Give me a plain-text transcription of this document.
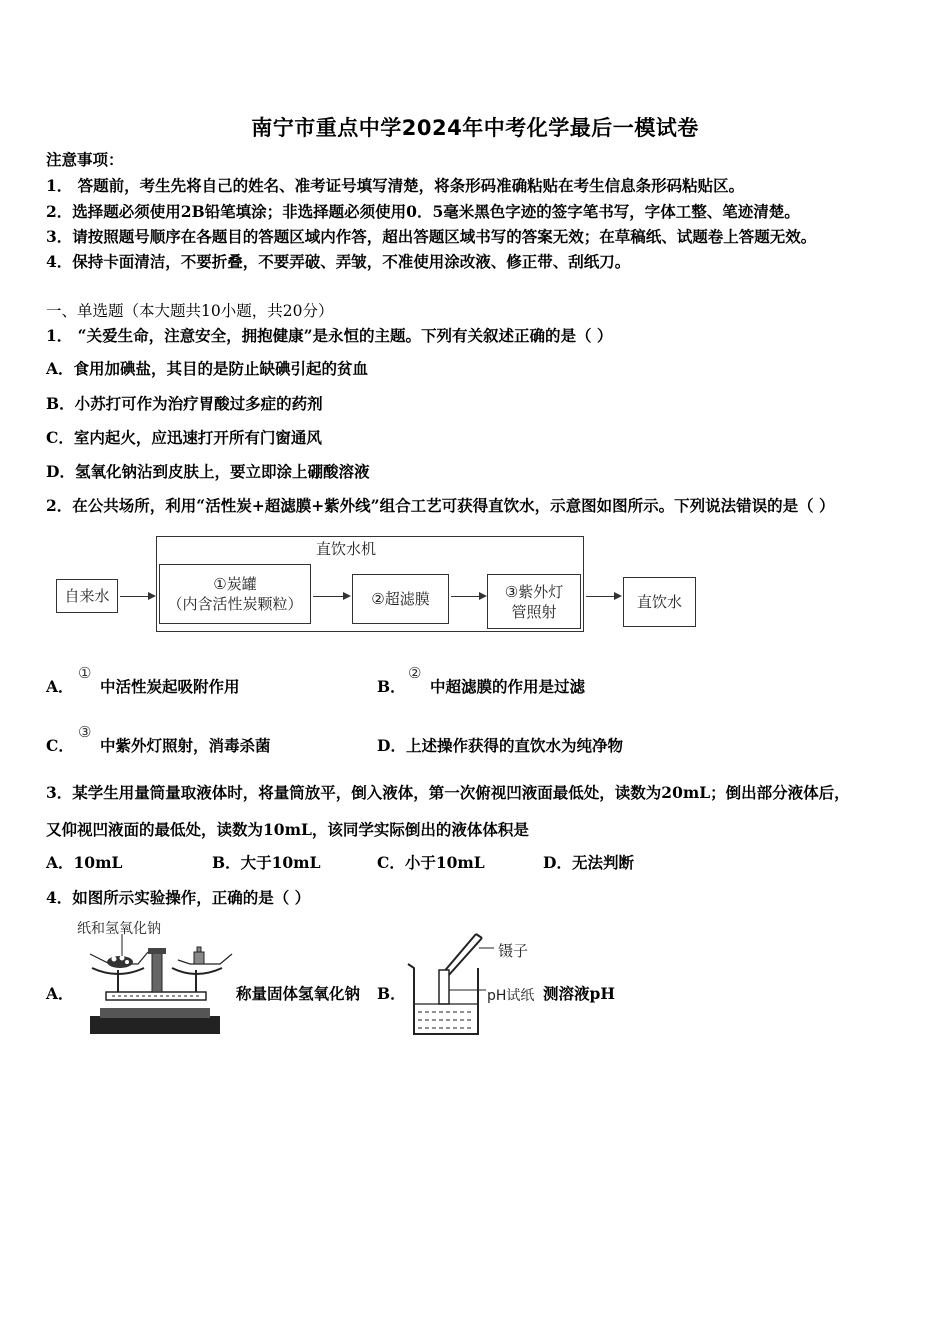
南宁市重点中学2024年中考化学最后一模试卷
注意事项：
1． 答题前，考生先将自己的姓名、准考证号填写清楚，将条形码准确粘贴在考生信息条形码粘贴区。
2．选择题必须使用2B铅笔填涂；非选择题必须使用0．5毫米黑色字迹的签字笔书写，字体工整、笔迹清楚。
3．请按照题号顺序在各题目的答题区域内作答，超出答题区域书写的答案无效；在草稿纸、试题卷上答题无效。
4．保持卡面清洁，不要折叠，不要弄破、弄皱，不准使用涂改液、修正带、刮纸刀。
一、单选题（本大题共10小题，共20分）
1． “关爱生命，注意安全，拥抱健康”是永恒的主题。下列有关叙述正确的是（ ）
A．食用加碘盐，其目的是防止缺碘引起的贫血
B．小苏打可作为治疗胃酸过多症的药剂
C．室内起火，应迅速打开所有门窗通风
D．氢氧化钠沾到皮肤上，要立即涂上硼酸溶液
2．在公共场所，利用“活性炭+超滤膜+紫外线”组合工艺可获得直饮水，示意图如图所示。下列说法错误的是（ ）
直饮水机
自来水
①炭罐
（内含活性炭颗粒）	②超滤膜	③紫外灯
管照射
直饮水
A．
①
中活性炭起吸附作用	B．
②
中超滤膜的作用是过滤
C．
③
中紫外灯照射，消毒杀菌	D．上述操作获得的直饮水为纯净物
3．某学生用量筒量取液体时，将量筒放平，倒入液体，第一次俯视凹液面最低处，读数为20mL；倒出部分液体后，
又仰视凹液面的最低处，读数为10mL，该同学实际倒出的液体体积是
A．10mL	B．大于10mL	C．小于10mL	D．无法判断
4．如图所示实验操作，正确的是（ ）
A．
纸和氢氧化钠
称量固体氢氧化钠 B．
镊子
pH试纸 测溶液pH
